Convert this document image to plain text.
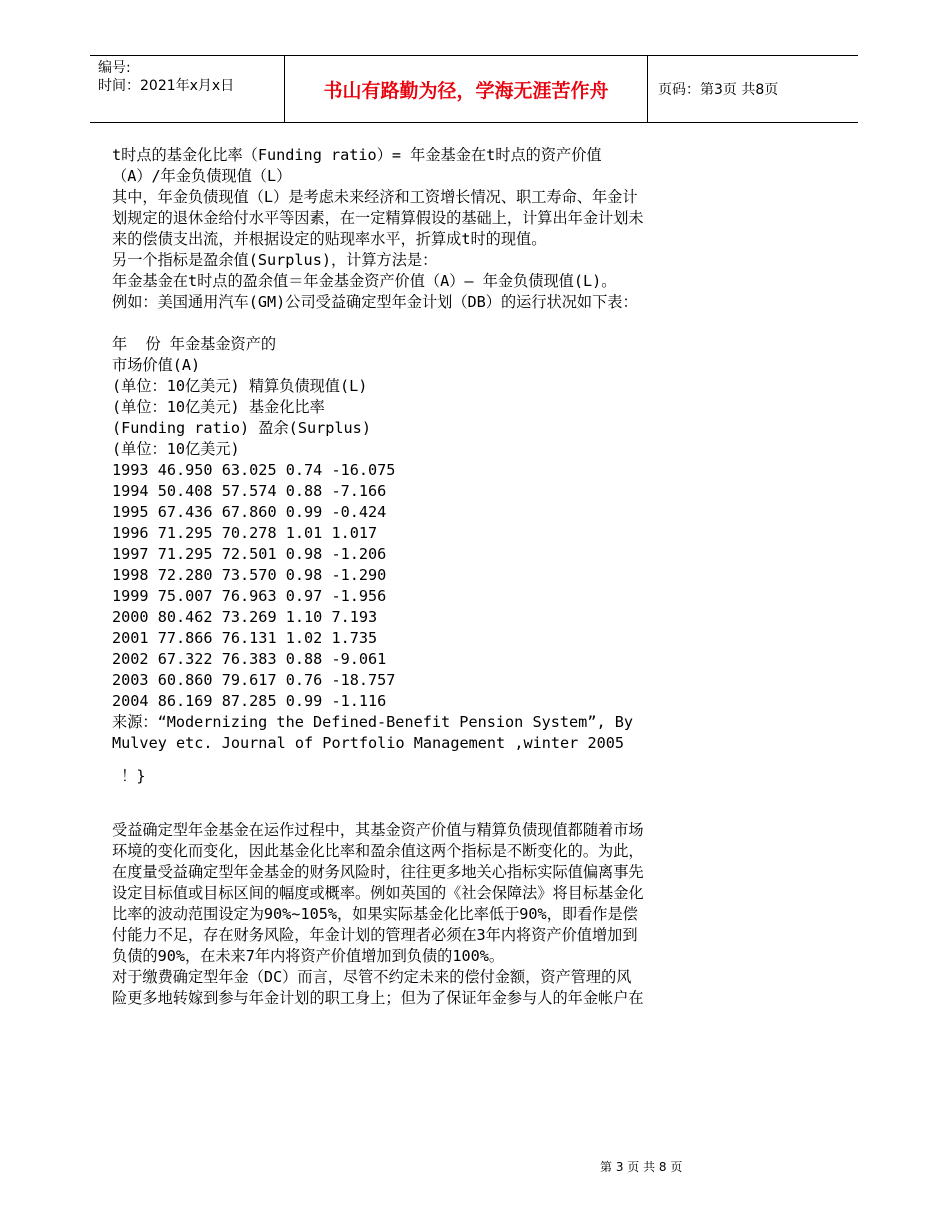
编号:
时间：2021年x月x日	书山有路勤为径，学海无涯苦作舟	页码：第3页 共8页

t时点的基金化比率（Funding ratio）= 年金基金在t时点的资产价值

（A）/年金负债现值（L）

其中，年金负债现值（L）是考虑未来经济和工资增长情况、职工寿命、年金计

划规定的退休金给付水平等因素，在一定精算假设的基础上，计算出年金计划未

来的偿债支出流，并根据设定的贴现率水平，折算成t时的现值。

另一个指标是盈余值(Surplus)，计算方法是：

年金基金在t时点的盈余值＝年金基金资产价值（A）— 年金负债现值(L)。

例如：美国通用汽车(GM)公司受益确定型年金计划（DB）的运行状况如下表：

年  份 年金基金资产的

市场价值(A)

(单位：10亿美元) 精算负债现值(L)

(单位：10亿美元) 基金化比率

(Funding ratio) 盈余(Surplus)

(单位：10亿美元)

1993 46.950 63.025 0.74 -16.075

1994 50.408 57.574 0.88 -7.166

1995 67.436 67.860 0.99 -0.424

1996 71.295 70.278 1.01 1.017

1997 71.295 72.501 0.98 -1.206

1998 72.280 73.570 0.98 -1.290

1999 75.007 76.963 0.97 -1.956

2000 80.462 73.269 1.10 7.193

2001 77.866 76.131 1.02 1.735

2002 67.322 76.383 0.88 -9.061

2003 60.860 79.617 0.76 -18.757

2004 86.169 87.285 0.99 -1.116

来源：“Modernizing the Defined-Benefit Pension System”, By

Mulvey etc. Journal of Portfolio Management ,winter 2005

！}

受益确定型年金基金在运作过程中，其基金资产价值与精算负债现值都随着市场

环境的变化而变化，因此基金化比率和盈余值这两个指标是不断变化的。为此，

在度量受益确定型年金基金的财务风险时，往往更多地关心指标实际值偏离事先

设定目标值或目标区间的幅度或概率。例如英国的《社会保障法》将目标基金化

比率的波动范围设定为90%~105%，如果实际基金化比率低于90%，即看作是偿

付能力不足，存在财务风险，年金计划的管理者必须在3年内将资产价值增加到

负债的90%，在未来7年内将资产价值增加到负债的100%。

对于缴费确定型年金（DC）而言，尽管不约定未来的偿付金额，资产管理的风

险更多地转嫁到参与年金计划的职工身上；但为了保证年金参与人的年金帐户在

第 3 页 共 8 页
